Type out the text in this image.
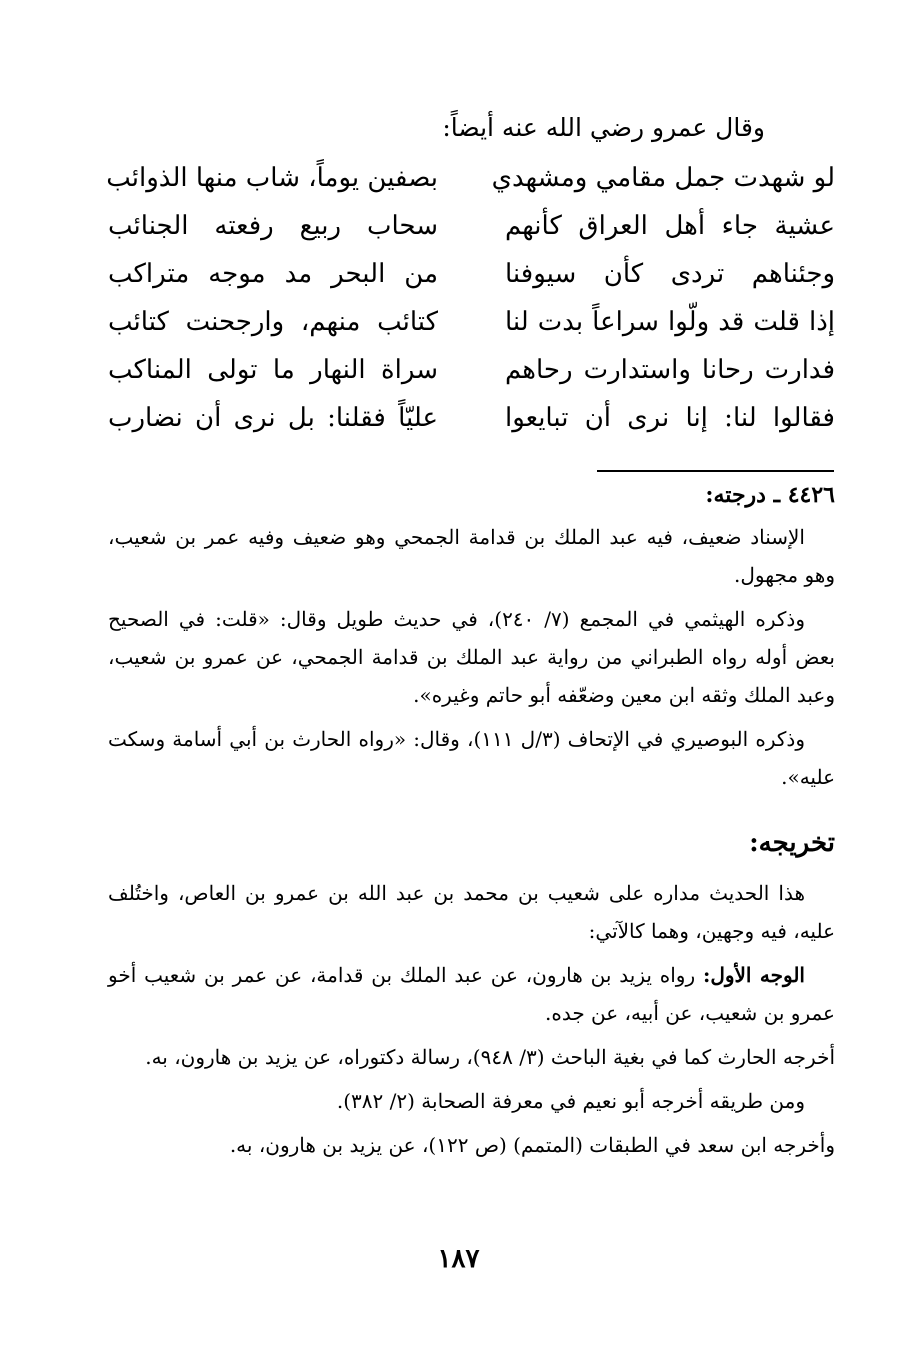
وقال عمرو رضي الله عنه أيضاً:
لو شهدت جمل مقامي ومشهدي
بصفين يوماً، شاب منها الذوائب
عشية جاء أهل العراق كأنهم
سحاب ربيع رفعته الجنائب
وجئناهم تردى كأن سيوفنا
من البحر مد موجه متراكب
إذا قلت قد ولّوا سراعاً بدت لنا
كتائب منهم، وارجحنت كتائب
فدارت رحانا واستدارت رحاهم
سراة النهار ما تولى المناكب
فقالوا لنا: إنا نرى أن تبايعوا
عليّاً فقلنا: بل نرى أن نضارب
٤٤٢٦ ـ درجته:

الإسناد ضعيف، فيه عبد الملك بن قدامة الجمحي وهو ضعيف وفيه عمر بن شعيب، وهو مجهول.

وذكره الهيثمي في المجمع (٧/ ٢٤٠)، في حديث طويل وقال: «قلت: في الصحيح بعض أوله رواه الطبراني من رواية عبد الملك بن قدامة الجمحي، عن عمرو بن شعيب، وعبد الملك وثقه ابن معين وضعّفه أبو حاتم وغيره».

وذكره البوصيري في الإتحاف (٣/ل ١١١)، وقال: «رواه الحارث بن أبي أسامة وسكت عليه».

تخريجه:

هذا الحديث مداره على شعيب بن محمد بن عبد الله بن عمرو بن العاص، واختُلف عليه، فيه وجهين، وهما كالآتي:

الوجه الأول: رواه يزيد بن هارون، عن عبد الملك بن قدامة، عن عمر بن شعيب أخو عمرو بن شعيب، عن أبيه، عن جده.

أخرجه الحارث كما في بغية الباحث (٣/ ٩٤٨)، رسالة دكتوراه، عن يزيد بن هارون، به.

ومن طريقه أخرجه أبو نعيم في معرفة الصحابة (٢/ ٣٨٢).

وأخرجه ابن سعد في الطبقات (المتمم) (ص ١٢٢)، عن يزيد بن هارون، به.

١٨٧
